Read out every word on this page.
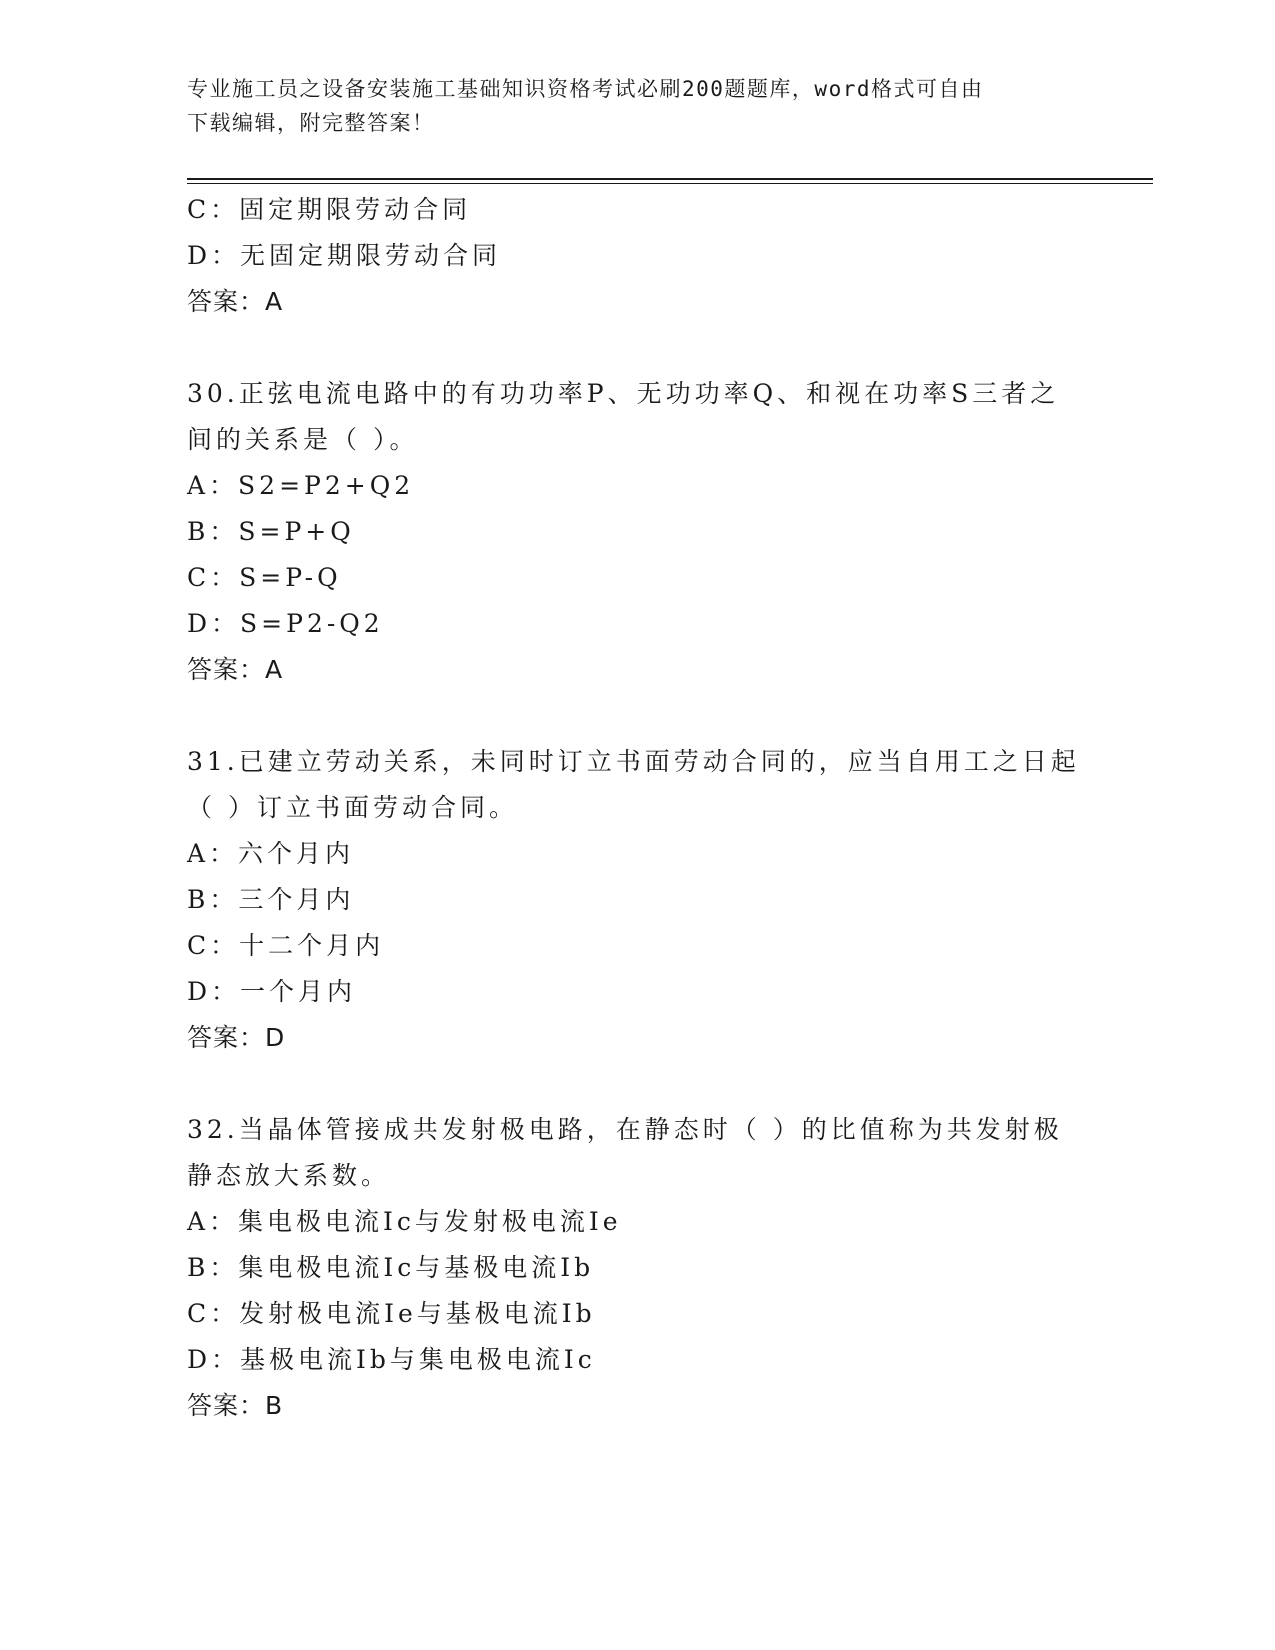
专业施工员之设备安装施工基础知识资格考试必刷200题题库，word格式可自由
下载编辑，附完整答案！
C：固定期限劳动合同
D：无固定期限劳动合同
答案：A
30.正弦电流电路中的有功功率P、无功功率Q、和视在功率S三者之
间的关系是（ ）。
A：S2=P2+Q2
B：S=P+Q
C：S=P-Q
D：S=P2-Q2
答案：A
31.已建立劳动关系，未同时订立书面劳动合同的，应当自用工之日起
（ ）订立书面劳动合同。
A：六个月内
B：三个月内
C：十二个月内
D：一个月内
答案：D
32.当晶体管接成共发射极电路，在静态时（ ）的比值称为共发射极
静态放大系数。
A：集电极电流Ic与发射极电流Ie
B：集电极电流Ic与基极电流Ib
C：发射极电流Ie与基极电流Ib
D：基极电流Ib与集电极电流Ic
答案：B
